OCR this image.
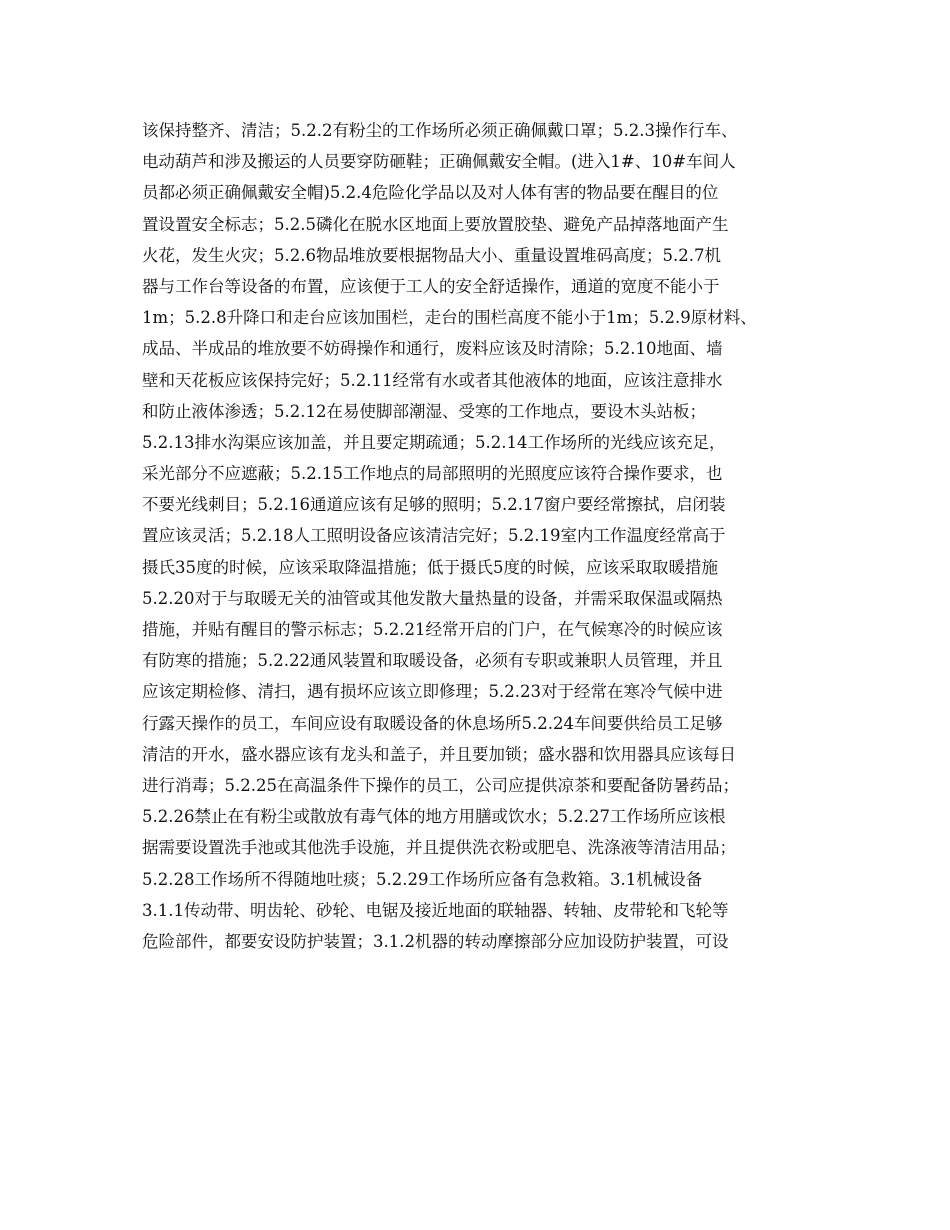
该保持整齐、清洁；5.2.2有粉尘的工作场所必须正确佩戴口罩；5.2.3操作行车、
电动葫芦和涉及搬运的人员要穿防砸鞋；正确佩戴安全帽。(进入1#、10#车间人
员都必须正确佩戴安全帽)5.2.4危险化学品以及对人体有害的物品要在醒目的位
置设置安全标志；5.2.5磷化在脱水区地面上要放置胶垫、避免产品掉落地面产生
火花，发生火灾；5.2.6物品堆放要根据物品大小、重量设置堆码高度；5.2.7机
器与工作台等设备的布置，应该便于工人的安全舒适操作，通道的宽度不能小于
1m；5.2.8升降口和走台应该加围栏，走台的围栏高度不能小于1m；5.2.9原材料、
成品、半成品的堆放要不妨碍操作和通行，废料应该及时清除；5.2.10地面、墙
壁和天花板应该保持完好；5.2.11经常有水或者其他液体的地面，应该注意排水
和防止液体渗透；5.2.12在易使脚部潮湿、受寒的工作地点，要设木头站板；
5.2.13排水沟渠应该加盖，并且要定期疏通；5.2.14工作场所的光线应该充足，
采光部分不应遮蔽；5.2.15工作地点的局部照明的光照度应该符合操作要求，也
不要光线刺目；5.2.16通道应该有足够的照明；5.2.17窗户要经常擦拭，启闭装
置应该灵活；5.2.18人工照明设备应该清洁完好；5.2.19室内工作温度经常高于
摄氏35度的时候，应该采取降温措施；低于摄氏5度的时候，应该采取取暖措施
5.2.20对于与取暖无关的油管或其他发散大量热量的设备，并需采取保温或隔热
措施，并贴有醒目的警示标志；5.2.21经常开启的门户，在气候寒冷的时候应该
有防寒的措施；5.2.22通风装置和取暖设备，必须有专职或兼职人员管理，并且
应该定期检修、清扫，遇有损坏应该立即修理；5.2.23对于经常在寒冷气候中进
行露天操作的员工，车间应设有取暖设备的休息场所5.2.24车间要供给员工足够
清洁的开水，盛水器应该有龙头和盖子，并且要加锁；盛水器和饮用器具应该每日
进行消毒；5.2.25在高温条件下操作的员工，公司应提供凉茶和要配备防暑药品；
5.2.26禁止在有粉尘或散放有毒气体的地方用膳或饮水；5.2.27工作场所应该根
据需要设置洗手池或其他洗手设施，并且提供洗衣粉或肥皂、洗涤液等清洁用品；
5.2.28工作场所不得随地吐痰；5.2.29工作场所应备有急救箱。3.1机械设备
3.1.1传动带、明齿轮、砂轮、电锯及接近地面的联轴器、转轴、皮带轮和飞轮等
危险部件，都要安设防护装置；3.1.2机器的转动摩擦部分应加设防护装置，可设
